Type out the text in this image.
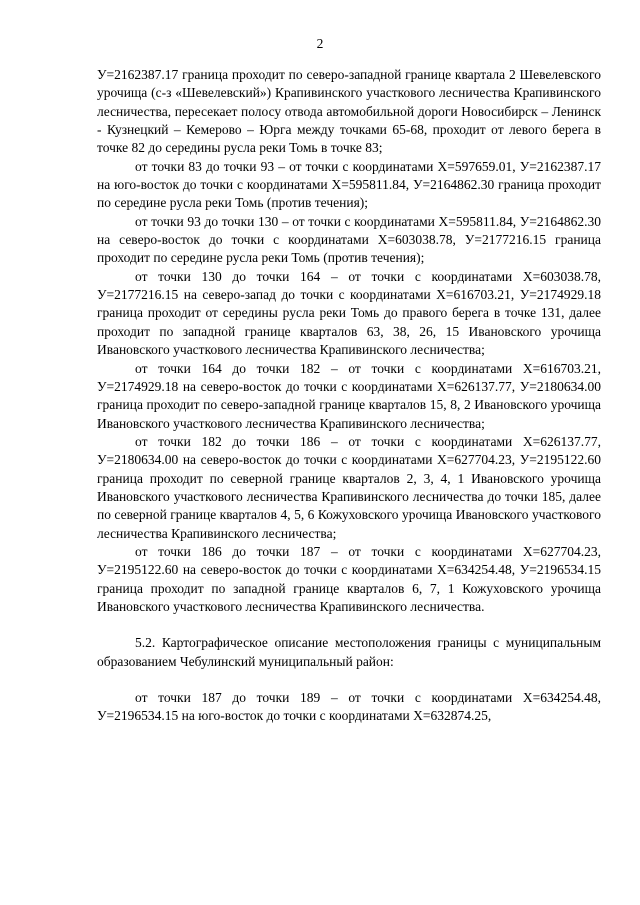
2

У=2162387.17 граница проходит по северо-западной границе квартала 2 Шевелевского урочища (с-з «Шевелевский») Крапивинского участкового лесничества Крапивинского лесничества, пересекает полосу отвода автомобильной дороги Новосибирск – Ленинск - Кузнецкий – Кемерово – Юрга между точками 65-68, проходит от левого берега в точке 82 до середины русла реки Томь в точке 83;

от точки 83 до точки 93 – от точки с координатами Х=597659.01, У=2162387.17 на юго-восток до точки с координатами Х=595811.84, У=2164862.30 граница проходит по середине русла реки Томь (против течения);

от точки 93 до точки 130 – от точки с координатами Х=595811.84, У=2164862.30 на северо-восток до точки с координатами Х=603038.78, У=2177216.15 граница проходит по середине русла реки Томь (против течения);

от точки 130 до точки 164 – от точки с координатами Х=603038.78, У=2177216.15 на северо-запад до точки с координатами Х=616703.21, У=2174929.18 граница проходит от середины русла реки Томь до правого берега в точке 131, далее проходит по западной границе кварталов 63, 38, 26, 15 Ивановского урочища Ивановского участкового лесничества Крапивинского лесничества;

от точки 164 до точки 182 – от точки с координатами Х=616703.21, У=2174929.18 на северо-восток до точки с координатами Х=626137.77, У=2180634.00 граница проходит по северо-западной границе кварталов 15, 8, 2 Ивановского урочища Ивановского участкового лесничества Крапивинского лесничества;

от точки 182 до точки 186 – от точки с координатами Х=626137.77, У=2180634.00 на северо-восток до точки с координатами Х=627704.23, У=2195122.60 граница проходит по северной границе кварталов 2, 3, 4, 1 Ивановского урочища Ивановского участкового лесничества Крапивинского лесничества до точки 185, далее по северной границе кварталов 4, 5, 6 Кожуховского урочища Ивановского участкового лесничества Крапивинского лесничества;

от точки 186 до точки 187 – от точки с координатами Х=627704.23, У=2195122.60 на северо-восток до точки с координатами Х=634254.48, У=2196534.15 граница проходит по западной границе кварталов 6, 7, 1 Кожуховского урочища Ивановского участкового лесничества Крапивинского лесничества.

5.2. Картографическое описание местоположения границы с муниципальным образованием Чебулинский муниципальный район:

от точки 187 до точки 189 – от точки с координатами Х=634254.48, У=2196534.15 на юго-восток до точки с координатами Х=632874.25,
